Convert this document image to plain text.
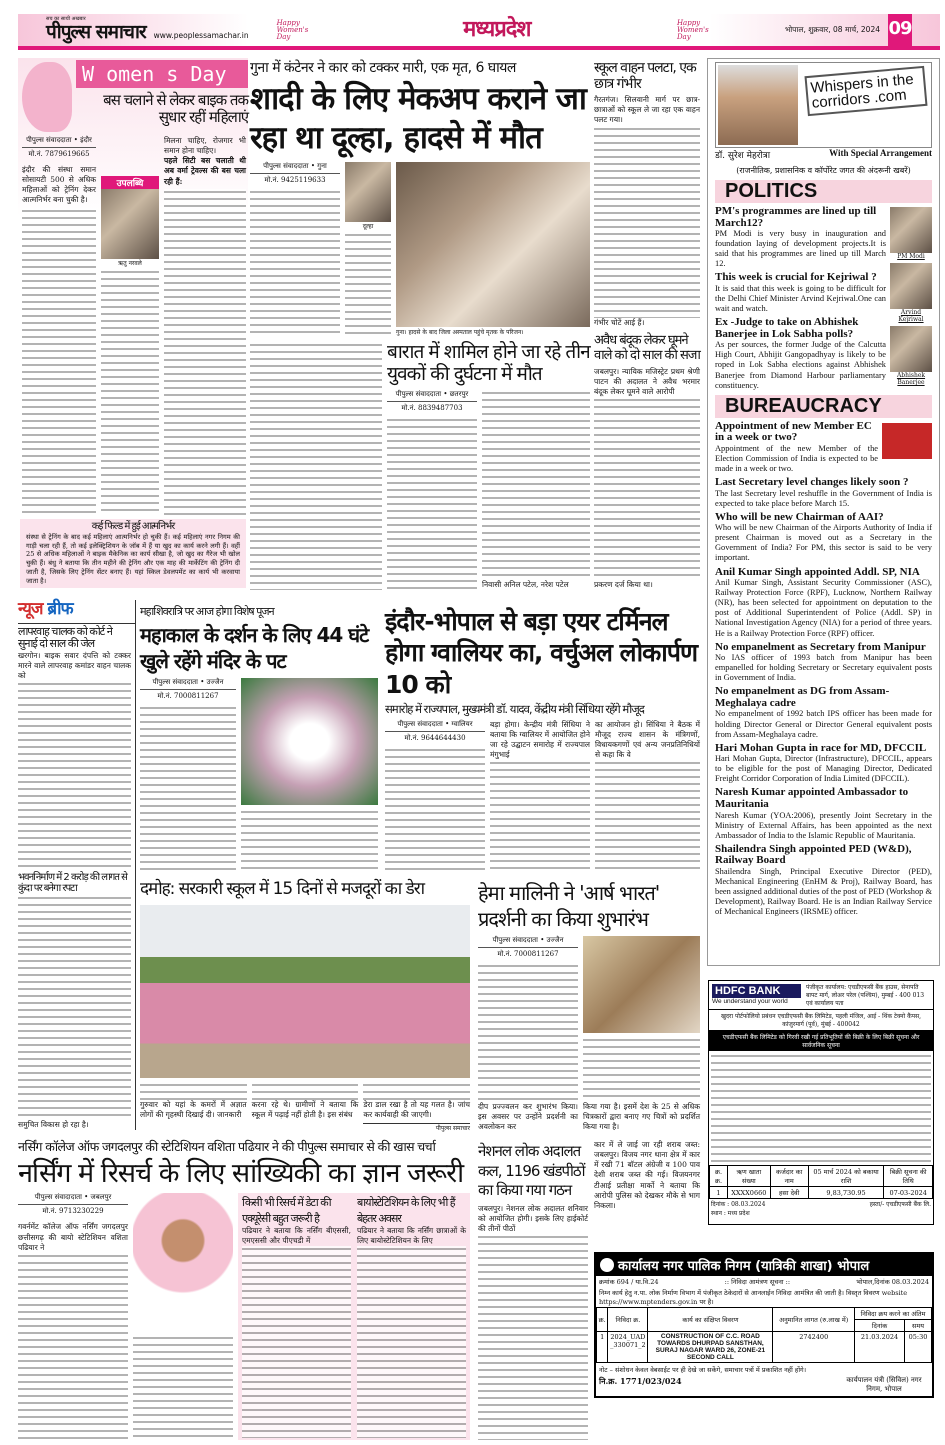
सच का साथी अखबार
पीपुल्स समाचार www.peoplessamachar.in
Happy Women's Day	मध्यप्रदेश	Happy Women's Day
भोपाल, शुक्रवार, 08 मार्च, 2024 09
W omen s Day
बस चलाने से लेकर बाइक तक सुधार रहीं महिलाएं
पीपुल्स संवाददाता • इंदौर
मो.नं. 7879619665
इंदौर की संस्था समान सोसायटी 500 से अधिक महिलाओं को ट्रेनिंग देकर आत्मनिर्भर बना चुकी है।
उपलब्धि
ऋतु नरवले
मिलना चाहिए, रोजगार भी समान होना चाहिए।
पहले सिटी बस चलाती थी अब वर्मा ट्रेवल्स की बस चला रही हैं:
कई फिल्ड में हुई आत्मनिर्भर
संस्था से ट्रेनिंग के बाद कई महिलाएं आत्मनिर्भर हो चुकी हैं। कई महिलाएं नगर निगम की गाड़ी चला रही हैं, तो कई इलेक्ट्रिशियन के जॉब में हैं या खुद का कार्य करने लगी हैं। वहीं 25 से अधिक महिलाओं ने बाइक मैकेनिक का कार्य सीखा है, जो खुद का गैरेज भी खोल चुकी हैं। बंधु ने बताया कि तीन महीने की ट्रेनिंग और एक माह की मार्केटिंग की ट्रेनिंग दी जाती है, जिसके लिए ट्रेनिंग सेंटर बनाए हैं। यहां स्किल डेवलपमेंट का कार्य भी करवाया जाता है।
गुना में कंटेनर ने कार को टक्कर मारी, एक मृत, 6 घायल
शादी के लिए मेकअप कराने जा रहा था दूल्हा, हादसे में मौत
पीपुल्स संवाददाता • गुना
मो.नं. 9425119633
दूल्हा
गुना। हादसे के बाद जिला अस्पताल पहुंचे मृतक के परिजन।
बारात में शामिल होने जा रहे तीन युवकों की दुर्घटना में मौत
पीपुल्स संवाददाता • छतरपुर
मो.नं. 8839487703
निवासी अनिल पटेल, नरेश पटेल
स्कूल वाहन पलटा, एक छात्र गंभीर
गैरतगंज। सिलवानी मार्ग पर छात्र-छात्राओं को स्कूल ले जा रहा एक वाहन पलट गया।
गंभीर चोटें आई हैं।
अवैध बंदूक लेकर घूमने वाले को दो साल की सजा
जबलपुर। न्यायिक मजिस्ट्रेट प्रथम श्रेणी पाटन की अदालत ने अवैध भरमार बंदूक लेकर घूमने वाले आरोपी
प्रकरण दर्ज किया था।
Whispers in the corridors .com
डॉ. सुरेश मेहरोत्रा	With Special Arrangement
(राजनीतिक, प्रशासनिक व कॉर्पोरेट जगत की अंदरूनी खबरें)
POLITICS
PM's programmes are lined up till March12?

PM Modi is very busy in inauguration and foundation laying of development projects.It is said that his programmes are lined up till March 12.

This week is crucial for Kejriwal ?

It is said that this week is going to be difficult for the Delhi Chief Minister Arvind Kejriwal.One can wait and watch.

Ex -Judge to take on Abhishek Banerjee in Lok Sabha polls?

As per sources, the former Judge of the Calcutta High Court, Abhijit Gangopadhyay is likely to be roped in Lok Sabha elections against Abhishek Banerjee from Diamond Harbour parliamentary constituency.

PM Modi
Arvind Kejriwal
Abhishek Banerjee
BUREAUCRACY
Appointment of new Member EC in a week or two?

Appointment of the new Member of the Election Commission of India is expected to be made in a week or two.

Last Secretary level changes likely soon ?

The last Secretary level reshuffle in the Government of India is expected to take place before March 15.

Who will be new Chairman of AAI?

Who will be new Chairman of the Airports Authority of India if present Chairman is moved out as a Secretary in the Government of India? For PM, this sector is said to be very important.

Anil Kumar Singh appointed Addl. SP, NIA

Anil Kumar Singh, Assistant Security Commissioner (ASC), Railway Protection Force (RPF), Lucknow, Northern Railway (NR), has been selected for appointment on deputation to the post of Additional Superintendent of Police (Addl. SP) in National Investigation Agency (NIA) for a period of three years. He is a Railway Protection Force (RPF) officer.

No empanelment as Secretary from Manipur

No IAS officer of 1993 batch from Manipur has been empanelled for holding Secretary or Secretary equivalent posts in Government of India.

No empanelment as DG from Assam-Meghalaya cadre

No empanelment of 1992 batch IPS officer has been made for holding Director General or Director General equivalent posts from Assam-Meghalaya cadre.

Hari Mohan Gupta in race for MD, DFCCIL

Hari Mohan Gupta, Director (Infrastructure), DFCCIL, appears to be eligible for the post of Managing Director, Dedicated Freight Corridor Corporation of India Limited (DFCCIL).

Naresh Kumar appointed Ambassador to Mauritania

Naresh Kumar (YOA:2006), presently Joint Secretary in the Ministry of External Affairs, has been appointed as the next Ambassador of India to the Islamic Republic of Mauritania.

Shailendra Singh appointed PED (W&D), Railway Board

Shailendra Singh, Principal Executive Director (PED), Mechanical Engineering (EnHM & Proj), Railway Board, has been assigned additional duties of the post of PED (Workshop & Development), Railway Board. He is an Indian Railway Service of Mechanical Engineers (IRSME) officer.

न्यूज ब्रीफ
लापरवाह चालक को कोर्ट ने सुनाई दो साल की जेल
खरगोन। बाइक सवार दंपत्ति को टक्कर मारने वाले लापरवाह कमांडर वाहन चालक को
भवननिर्माण में 2 करोड़ की लागत से कुंदा पर बनेगा रपटा
समुचित विकास हो रहा है।
महाशिवरात्रि पर आज होगा विशेष पूजन
महाकाल के दर्शन के लिए 44 घंटे खुले रहेंगे मंदिर के पट
पीपुल्स संवाददाता • उज्जैन
मो.नं. 7000811267
इंदौर-भोपाल से बड़ा एयर टर्मिनल होगा ग्वालियर का, वर्चुअल लोकार्पण 10 को
समारोह में राज्यपाल, मुख्यमंत्री डॉ. यादव, केंद्रीय मंत्री सिंधिया रहेंगे मौजूद
पीपुल्स संवाददाता • ग्वालियर
मो.नं. 9644644430
बड़ा होगा। केन्द्रीय मंत्री सिंधिया ने बताया कि ग्वालियर में आयोजित होने जा रहे उद्घाटन समारोह में राज्यपाल मंगुभाई
का आयोजन हो। सिंधिया ने बैठक में मौजूद राज्य शासन के मंत्रिगणों, विधायकगणों एवं अन्य जनप्रतिनिधियों से कहा कि वे
दमोह: सरकारी स्कूल में 15 दिनों से मजदूरों का डेरा
गुरुवार को यहां के कमरों में अज्ञात लोगों की गृहस्थी दिखाई दी। जानकारी
करना रहे थे। ग्रामीणों ने बताया कि स्कूल में पढ़ाई नहीं होती है। इस संबंध
डेरा डाल रखा है तो यह गलत है। जांच कर कार्यवाही की जाएगी।
पीपुल्स समाचार
हेमा मालिनी ने 'आर्ष भारत' प्रदर्शनी का किया शुभारंभ
पीपुल्स संवाददाता • उज्जैन
मो.नं. 7000811267
दीप प्रज्ज्वलन कर शुभारंभ किया। इस अवसर पर उन्होंने प्रदर्शनी का अवलोकन कर
किया गया है। इसमें देश के 25 से अधिक चित्रकारों द्वारा बनाए गए चित्रों को प्रदर्शित किया गया है।
HDFC BANK
We understand your world
पंजीकृत कार्यालय: एचडीएफसी बैंक हाउस, सेनापति बापट मार्ग, लोअर परेल (पश्चिम), मुम्बई - 400 013 एवं कार्यालय पता
खुदरा पोर्टफोलियो प्रबंधन एचडीएफसी बैंक लिमिटेड, पहली मंजिल, आई - थिंक टेक्नो कैंपस, कांजुरमार्ग (पूर्व), मुंबई - 400042
एचडीएफसी बैंक लिमिटेड को गिरवी रखी गई प्रतिभूतियों की बिक्री के लिए बिक्री सूचना और सार्वजनिक सूचना
क्र. क्र.	ऋण खाता संख्या	कर्जदार का नाम	05 मार्च 2024 को बकाया राशि	बिक्री सूचना की तिथि
1	XXXX0660	हसा देवी	9,83,730.95	07-03-2024
दिनांक : 08.03.2024	हस्ता/- एचडीएफसी बैंक लि.
स्थान : मध्य प्रदेश
नर्सिंग कॉलेज ऑफ जगदलपुर की स्टेटिशियन वशिता पढियार ने की पीपुल्स समाचार से की खास चर्चा
नर्सिंग में रिसर्च के लिए सांख्यिकी का ज्ञान जरूरी
पीपुल्स संवादादाता • जबलपुर
मो.नं. 9713230229
गवर्नमेंट कॉलेज ऑफ नर्सिंग जगदलपुर छत्तीसगढ़ की बायो स्टेटिशियन वशिता पढियार ने
किसी भी रिसर्च में डेटा की एक्यूरेसी बहुत जरूरी है
पढियार ने बताया कि नर्सिंग बीएससी, एमएससी और पीएचडी में
बायोस्टेटिशियन के लिए भी हैं बेहतर अवसर
पढियार ने बताया कि नर्सिंग छात्राओं के लिए बायोस्टेटिशियन के लिए
नेशनल लोक अदालत कल, 1196 खंडपीठों का किया गया गठन
जबलपुर। नेशनल लोक अदालत शनिवार को आयोजित होगी। इसके लिए हाईकोर्ट की तीनों पीठों
कार में ले जाई जा रही शराब जब्त: जबलपुर। विजय नगर थाना क्षेत्र में कार में रखी 71 बॉटल अंग्रेजी व 100 पाव देशी शराब जब्त की गई। विजयनगर टीआई प्रतीक्षा मार्को ने बताया कि आरोपी पुलिस को देखकर मौके से भाग निकला।
कार्यालय नगर पालिक निगम (यात्रिकी शाखा) भोपाल
क्रमांक 694 / या.वि.24	:: निविदा आमंत्रण सूचना ::	भोपाल,दिनांक 08.03.2024
निम्न कार्य हेतु न.पा. लोक निर्माण विभाग में पंजीकृत ठेकेदारों से आनलाईन निविदा आमंत्रित की जाती है। विस्तृत विवरण website https://www.mptenders.gov.in पर है।
क्र.	निविदा क्र.	कार्य का संक्षिप्त विवरण	अनुमानित लागत (रु.लाख में)	निविदा क्रय करने का अंतिम	
				दिनांक	समय
1	2024_UAD_330071_2	CONSTRUCTION OF C.C. ROAD TOWARDS DHURPAD SANSTHAN, SURAJ NAGAR WARD 26, ZONE-21 SECOND CALL	2742400	21.03.2024	05:30
नोट – संशोधन केवल वेबसाईट पर ही देखे जा सकेंगे, समाचार पत्रों में प्रकाशित नहीं होंगे।
नि.क्र. 1771/023/024	कार्यपालन यंत्री (सिविल) नगर निगम, भोपाल
